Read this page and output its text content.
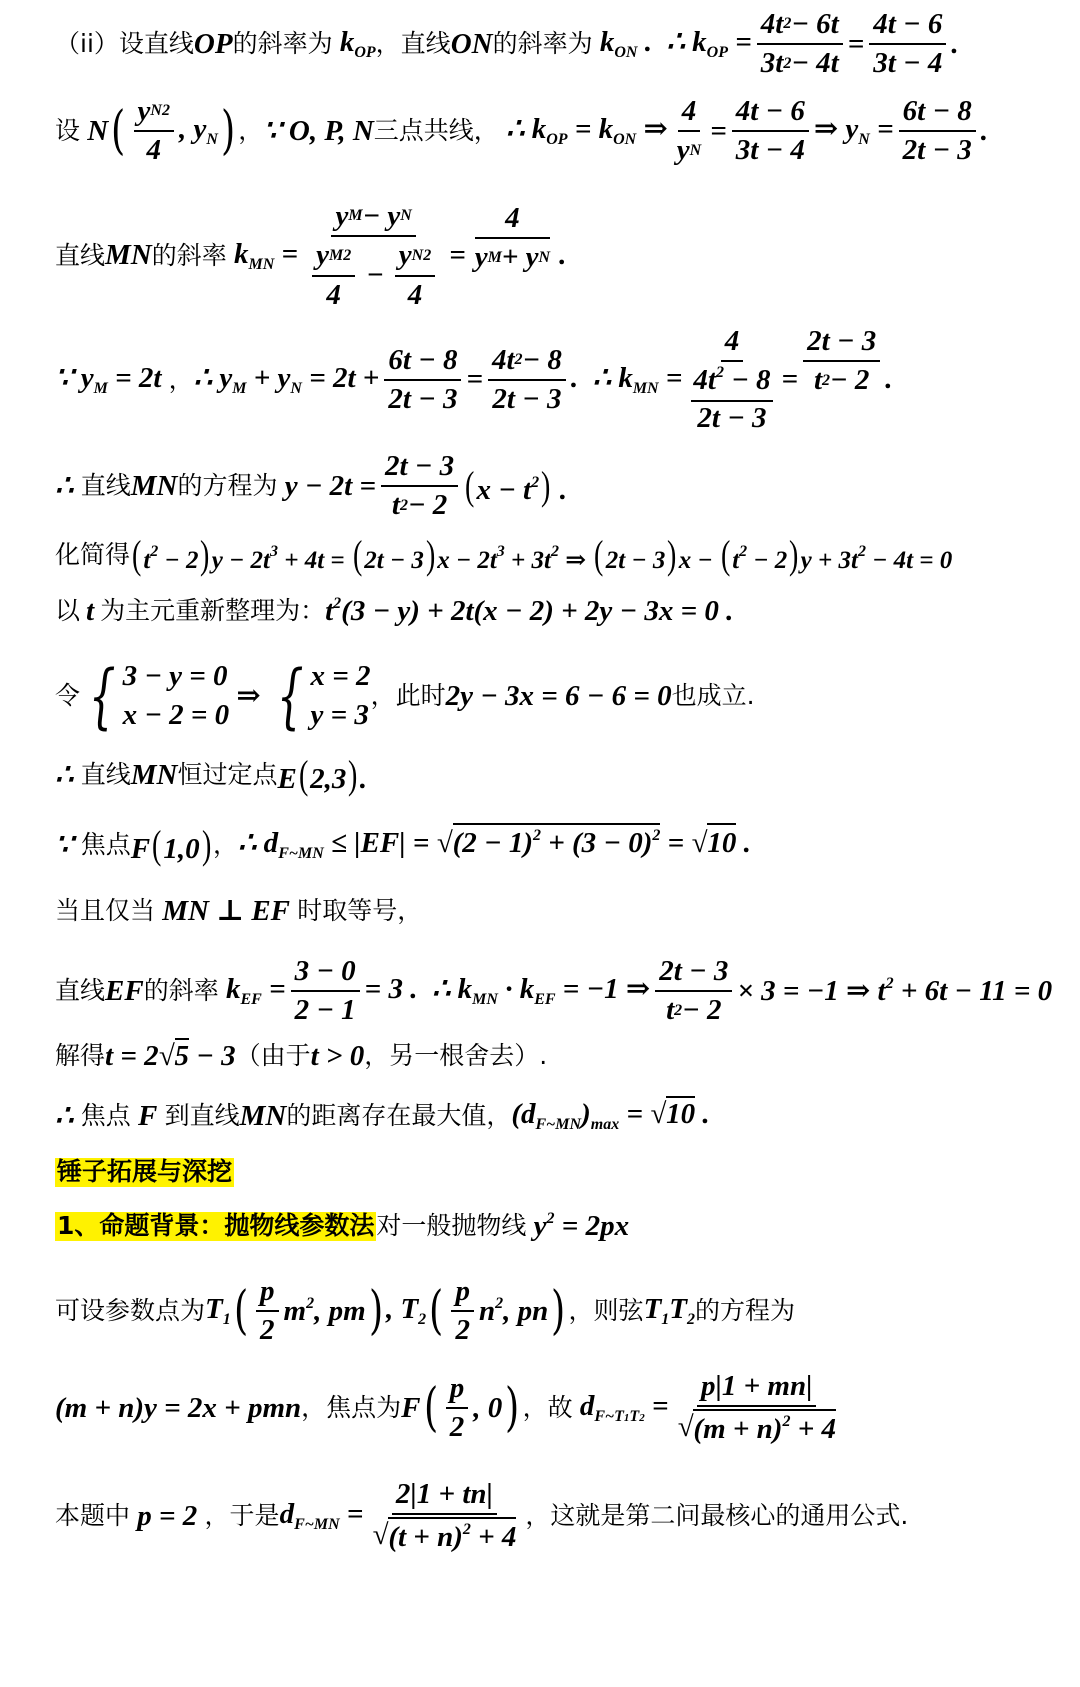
（ⅰⅰ）设直线 OP 的斜率为 $k_{OP}$ ，直线 ON 的斜率为 $k_{ON}$ .  ∴ $k_{OP} = \frac{4t 2 - 6t}{3t 2 - 4t} = \frac{4t - 6}{3t - 4}$ .
设 N ( $\frac{\text{y N 2}}{4}$ , $y_N$ ) ， ∵ O, P, N 三点共线， ∴ $k_{OP} = k_{ON}$ ⇒ $\frac{4}{\text{y N}} = \frac{4t - 6}{3t - 4}$ ⇒ $y_N = \frac{6t - 8}{2t - 3}$ .
直线 MN 的斜率 $k_{MN} = \frac{\text{y M − y N}}{\frac{\text{y M 2}}{4} - \frac{\text{y N 2}}{4}} = \frac{4}{\text{y M + y N}}$ .
∵ $y_M = 2t$ ， ∴ $y_M + y_N = 2t + \frac{6t - 8}{2t - 3} = \frac{4t 2 - 8}{2t - 3}$ .  ∴ $k_{MN} = 4$
$4t^2 - 8$
$2t - 3 = \frac{2t - 3}{t 2 - 2}$ .
∴ 直线 MN 的方程为 $y - 2t = \frac{2t - 3}{t 2 - 2} (x - t^2)$ .
化简得 $(t^2 - 2)y - 2t^3 + 4t = (2t - 3)x - 2t^3 + 3t^2$ ⇒ $(2t - 3)x - (t^2 - 2)y + 3t^2 - 4t = 0$
以 t 为主元重新整理为： $t^2(3 - y) + 2t(x - 2) + 2y - 3x = 0$ .
令 { 3 − y = 0
x − 2 = 0
⇒ { x = 2
y = 3
，此时 2y − 3x = 6 − 6 = 0 也成立.
∴ 直线 MN 恒过定点 E(2,3).
∵ 焦点 F(1,0) ， ∴ $d_{F\sim MN} \le |EF| = √(2 - 1)^2 + (3 - 0)^2 = √10$ .
当且仅当 MN ⊥ EF 时取等号，
直线 EF 的斜率 $k_{EF} = \frac{3 - 0}{2 - 1} = 3$ .  ∴ $k_{MN} \cdot k_{EF} = -1$ ⇒ $\frac{2t - 3}{t 2 - 2} \times 3 = -1$ ⇒ $t^2 + 6t - 11 = 0$
解得 t = 2√5 − 3 （由于 t > 0 ，另一根舍去）.
∴ 焦点 F 到直线 MN 的距离存在最大值， $(d_{F\sim MN})_{max} = √10$ .
锤子拓展与深挖
1、命题背景：抛物线参数法 对一般抛物线 $y^2 = 2px$
可设参数点为 $T_1$ ( $\frac{p}{2} m^2$, pm ) , $T_2$ ( $\frac{p}{2} n^2$, pn ) ，则弦 $T_1T_2$ 的方程为
(m + n)y = 2x + pmn ，焦点为 F ( $\frac{p}{2}$ , 0 ) ，故 $d_{F\sim T1T2} = \frac{p|1 + mn|}{√ (m + n)^2 + 4}$
本题中 p = 2 ，于是 $d_{F\sim MN} = \frac{2|1 + tn|}{√ (t + n)^2 + 4}$ ，这就是第二问最核心的通用公式.
